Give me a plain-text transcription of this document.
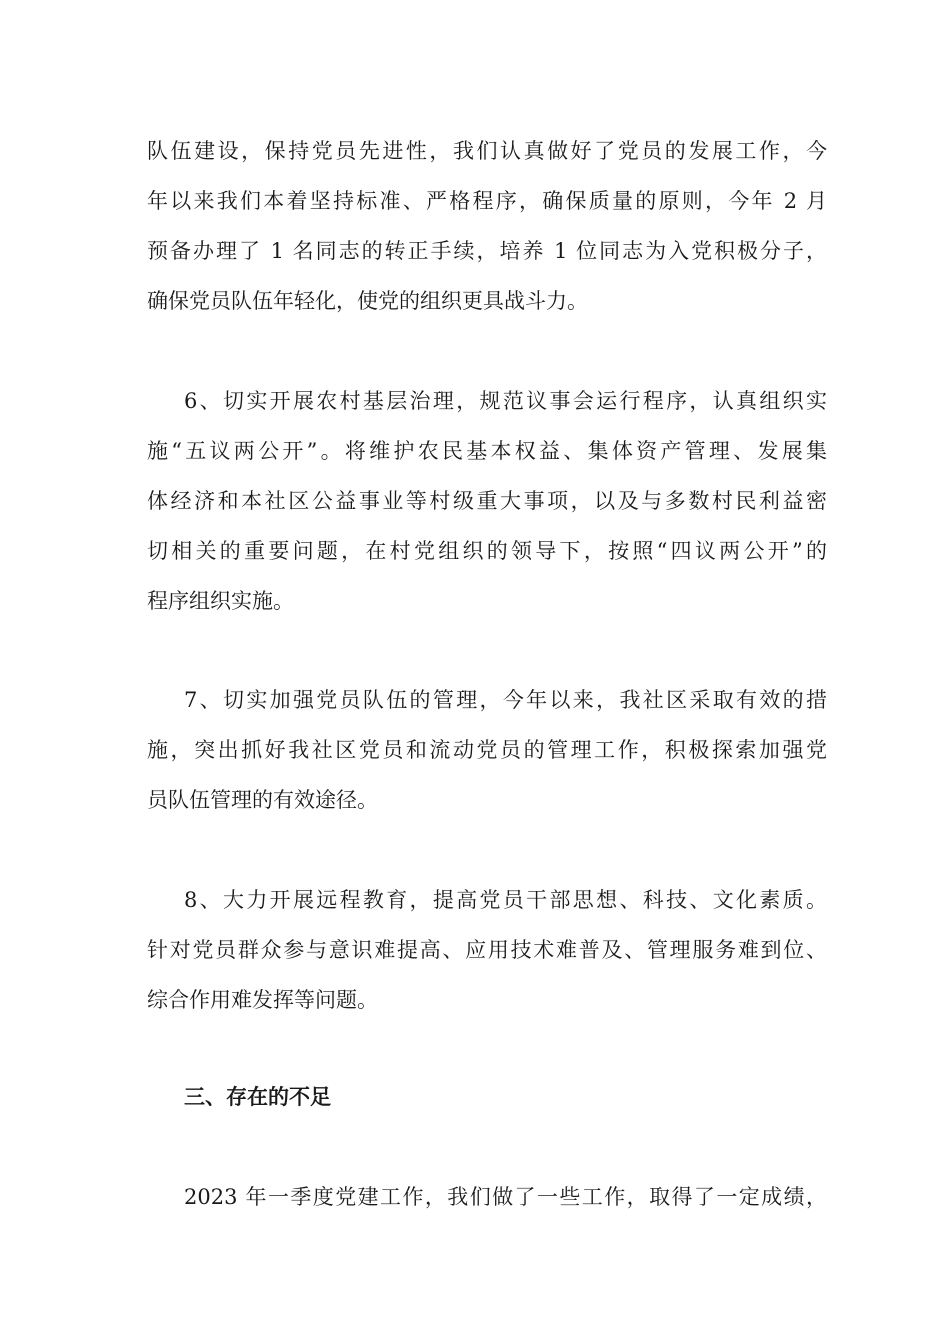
队伍建设，保持党员先进性，我们认真做好了党员的发展工作，今
年以来我们本着坚持标准、严格程序，确保质量的原则，今年 2 月
预备办理了 1 名同志的转正手续，培养 1 位同志为入党积极分子，
确保党员队伍年轻化，使党的组织更具战斗力。
6、切实开展农村基层治理，规范议事会运行程序，认真组织实
施“五议两公开”。将维护农民基本权益、集体资产管理、发展集
体经济和本社区公益事业等村级重大事项，以及与多数村民利益密
切相关的重要问题，在村党组织的领导下，按照“四议两公开”的
程序组织实施。
7、切实加强党员队伍的管理，今年以来，我社区采取有效的措
施，突出抓好我社区党员和流动党员的管理工作，积极探索加强党
员队伍管理的有效途径。
8、大力开展远程教育，提高党员干部思想、科技、文化素质。
针对党员群众参与意识难提高、应用技术难普及、管理服务难到位、
综合作用难发挥等问题。
三、存在的不足
2023 年一季度党建工作，我们做了一些工作，取得了一定成绩，
